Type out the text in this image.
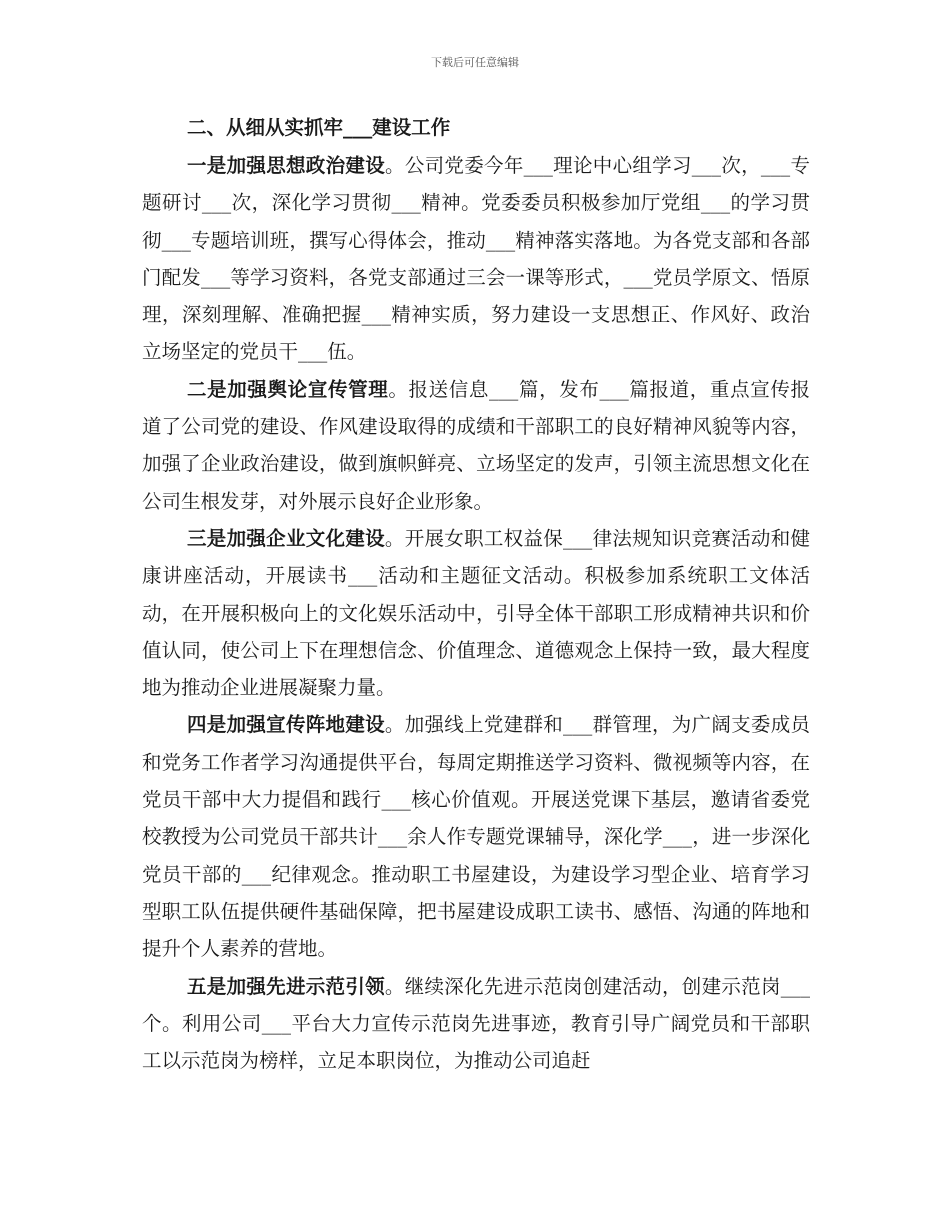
下载后可任意编辑

二、从细从实抓牢___建设工作

一是加强思想政治建设。公司党委今年___理论中心组学习___次，___专题研讨___次，深化学习贯彻___精神。党委委员积极参加厅党组___的学习贯彻___专题培训班，撰写心得体会，推动___精神落实落地。为各党支部和各部门配发___等学习资料，各党支部通过三会一课等形式，___党员学原文、悟原理，深刻理解、准确把握___精神实质，努力建设一支思想正、作风好、政治立场坚定的党员干___伍。

二是加强舆论宣传管理。报送信息___篇，发布___篇报道，重点宣传报道了公司党的建设、作风建设取得的成绩和干部职工的良好精神风貌等内容，加强了企业政治建设，做到旗帜鲜亮、立场坚定的发声，引领主流思想文化在公司生根发芽，对外展示良好企业形象。

三是加强企业文化建设。开展女职工权益保___律法规知识竞赛活动和健康讲座活动，开展读书___活动和主题征文活动。积极参加系统职工文体活动，在开展积极向上的文化娱乐活动中，引导全体干部职工形成精神共识和价值认同，使公司上下在理想信念、价值理念、道德观念上保持一致，最大程度地为推动企业进展凝聚力量。

四是加强宣传阵地建设。加强线上党建群和___群管理，为广阔支委成员和党务工作者学习沟通提供平台，每周定期推送学习资料、微视频等内容，在党员干部中大力提倡和践行___核心价值观。开展送党课下基层，邀请省委党校教授为公司党员干部共计___余人作专题党课辅导，深化学___，进一步深化党员干部的___纪律观念。推动职工书屋建设，为建设学习型企业、培育学习型职工队伍提供硬件基础保障，把书屋建设成职工读书、感悟、沟通的阵地和提升个人素养的营地。

五是加强先进示范引领。继续深化先进示范岗创建活动，创建示范岗___个。利用公司___平台大力宣传示范岗先进事迹，教育引导广阔党员和干部职工以示范岗为榜样，立足本职岗位，为推动公司追赶
